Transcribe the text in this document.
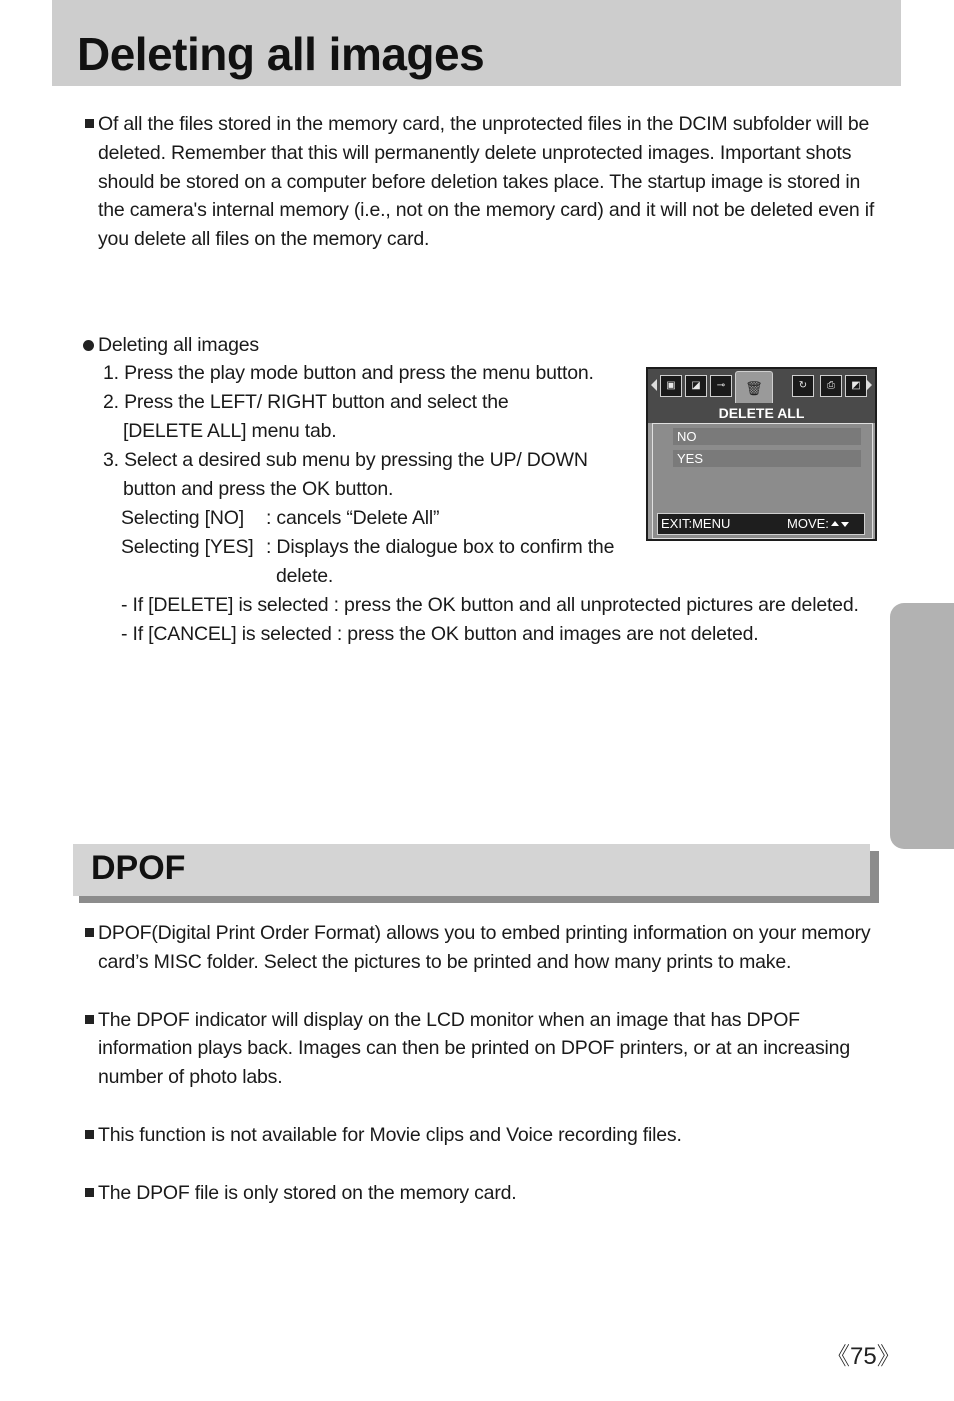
Deleting all images
Of all the files stored in the memory card, the unprotected files in the DCIM subfolder will be
deleted. Remember that this will permanently delete unprotected images. Important shots
should be stored on a computer before deletion takes place. The startup image is stored in
the camera's internal memory (i.e., not on the memory card) and it will not be deleted even if
you delete all files on the memory card.
Deleting all images
1. Press the play mode button and press the menu button.
2. Press the LEFT/ RIGHT button and select the
[DELETE ALL] menu tab.
3. Select a desired sub menu by pressing the UP/ DOWN
button and press the OK button.
Selecting [NO] : cancels “Delete All”
Selecting [YES] : Displays the dialogue box to confirm the
delete.
- If [DELETE] is selected : press the OK button and all unprotected pictures are deleted.
- If [CANCEL] is selected : press the OK button and images are not deleted.
▣	◪	⊸	🗑	↻	⎙	◩
DELETE ALL
NO
YES
EXIT:MENU	MOVE:
DPOF
DPOF(Digital Print Order Format) allows you to embed printing information on your memory
card’s MISC folder. Select the pictures to be printed and how many prints to make.
The DPOF indicator will display on the LCD monitor when an image that has DPOF
information plays back. Images can then be printed on DPOF printers, or at an increasing
number of photo labs.
This function is not available for Movie clips and Voice recording files.
The DPOF file is only stored on the memory card.
《75》
